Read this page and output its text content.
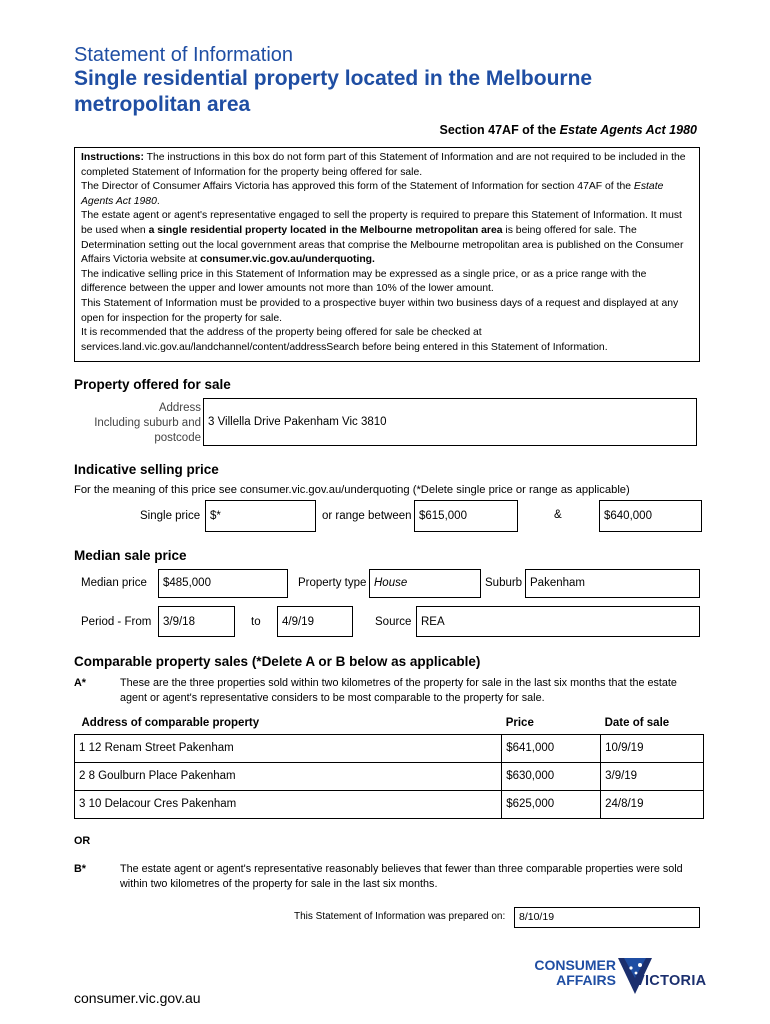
Statement of Information
Single residential property located in the Melbourne
metropolitan area
Section 47AF of the Estate Agents Act 1980

Instructions: The instructions in this box do not form part of this Statement of Information and are not required to be included in the completed Statement of Information for the property being offered for sale.

The Director of Consumer Affairs Victoria has approved this form of the Statement of Information for section 47AF of the Estate Agents Act 1980.

The estate agent or agent's representative engaged to sell the property is required to prepare this Statement of Information. It must be used when a single residential property located in the Melbourne metropolitan area is being offered for sale. The Determination setting out the local government areas that comprise the Melbourne metropolitan area is published on the Consumer Affairs Victoria website at consumer.vic.gov.au/underquoting.

The indicative selling price in this Statement of Information may be expressed as a single price, or as a price range with the difference between the upper and lower amounts not more than 10% of the lower amount.

This Statement of Information must be provided to a prospective buyer within two business days of a request and displayed at any open for inspection for the property for sale.

It is recommended that the address of the property being offered for sale be checked at services.land.vic.gov.au/landchannel/content/addressSearch before being entered in this Statement of Information.

Property offered for sale
Address
Including suburb and
postcode
3 Villella Drive Pakenham Vic 3810
Indicative selling price
For the meaning of this price see consumer.vic.gov.au/underquoting (*Delete single price or range as applicable)
Single price $*	or range between $615,000	&	$640,000
Median sale price
Median price	$485,000	Property type House	Suburb Pakenham
Period - From	3/9/18	to	4/9/19	Source REA
Comparable property sales (*Delete A or B below as applicable)
A*	These are the three properties sold within two kilometres of the property for sale in the last six months that the estate agent or agent's representative considers to be most comparable to the property for sale.
Address of comparable property	Price	Date of sale
1 12 Renam Street Pakenham	$641,000	10/9/19
2 8 Goulburn Place Pakenham	$630,000	3/9/19
3 10 Delacour Cres Pakenham	$625,000	24/8/19
OR
B*	The estate agent or agent's representative reasonably believes that fewer than three comparable properties were sold within two kilometres of the property for sale in the last six months.
This Statement of Information was prepared on:	8/10/19
CONSUMER
AFFAIRS VICTORIA
consumer.vic.gov.au
